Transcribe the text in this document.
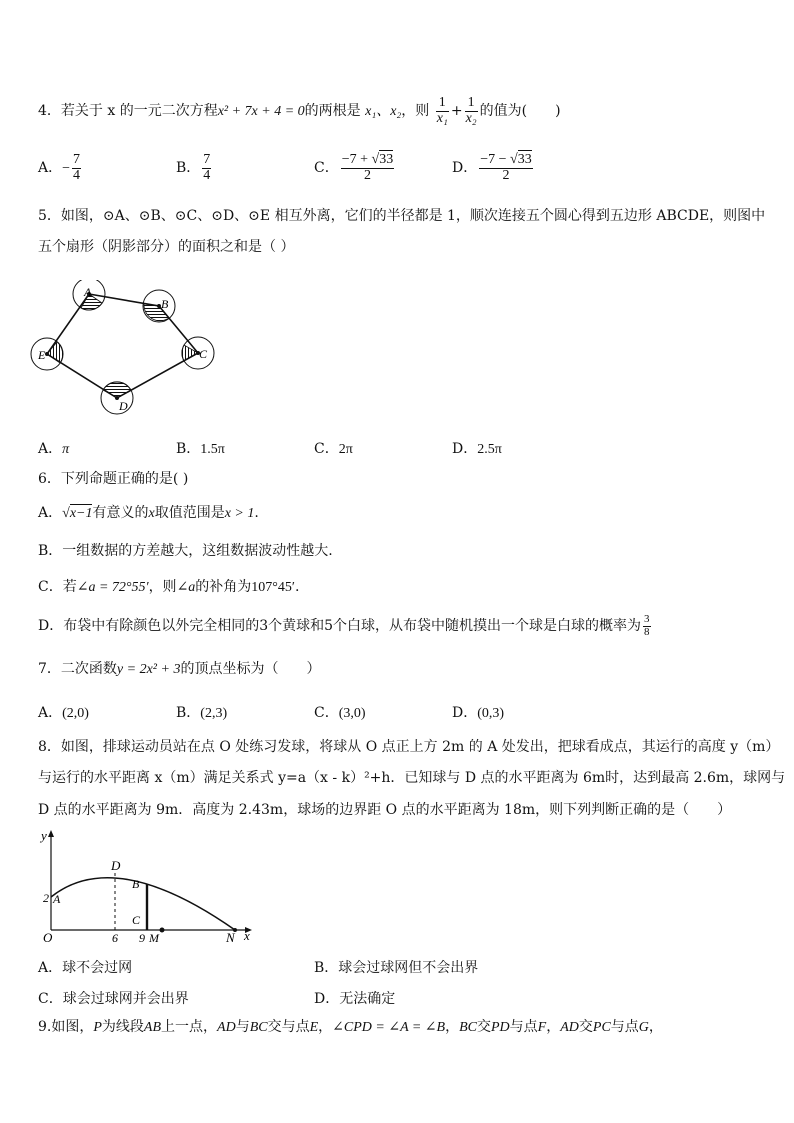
4．若关于 x 的一元二次方程x² + 7x + 4 = 0的两根是 x₁、x₂，则 $\frac{1}{\text{x₁}} + \frac{1}{\text{x₂}}$ 的值为(　　)
A．− $\frac{7}{4}$	B． $\frac{7}{4}$	C． $\frac{-7 + √33}{2}$	D． $\frac{-7 - √33}{2}$
5．如图，⊙A、⊙B、⊙C、⊙D、⊙E 相互外离，它们的半径都是 1，顺次连接五个圆心得到五边形 ABCDE，则图中
五个扇形（阴影部分）的面积之和是（ ）
A
B
C
D
E
A．π	B．1.5π	C．2π	D．2.5π
6．下列命题正确的是( )
A．√x−1有意义的x取值范围是x > 1.
B．一组数据的方差越大，这组数据波动性越大.
C．若∠a = 72°55′，则∠a的补角为107°45′.
D．布袋中有除颜色以外完全相同的3个黄球和5个白球，从布袋中随机摸出一个球是白球的概率为 $\frac{3}{8}$
7．二次函数y = 2x² + 3的顶点坐标为（　　）
A．(2,0)	B．(2,3)	C．(3,0)	D．(0,3)
8．如图，排球运动员站在点 O 处练习发球，将球从 O 点正上方 2m 的 A 处发出，把球看成点，其运行的高度 y（m）
与运行的水平距离 x（m）满足关系式 y=a（x - k）²+h．已知球与 D 点的水平距离为 6m时，达到最高 2.6m，球网与
D 点的水平距离为 9m．高度为 2.43m，球场的边界距 O 点的水平距离为 18m，则下列判断正确的是（　　）
y
x
O
2 A
D
B
C
6 9 M	N
A．球不会过网	B．球会过球网但不会出界
C．球会过球网并会出界	D．无法确定
9.如图，P为线段AB上一点，AD与BC交与点E，∠CPD = ∠A = ∠B，BC交PD与点F，AD交PC与点G，
